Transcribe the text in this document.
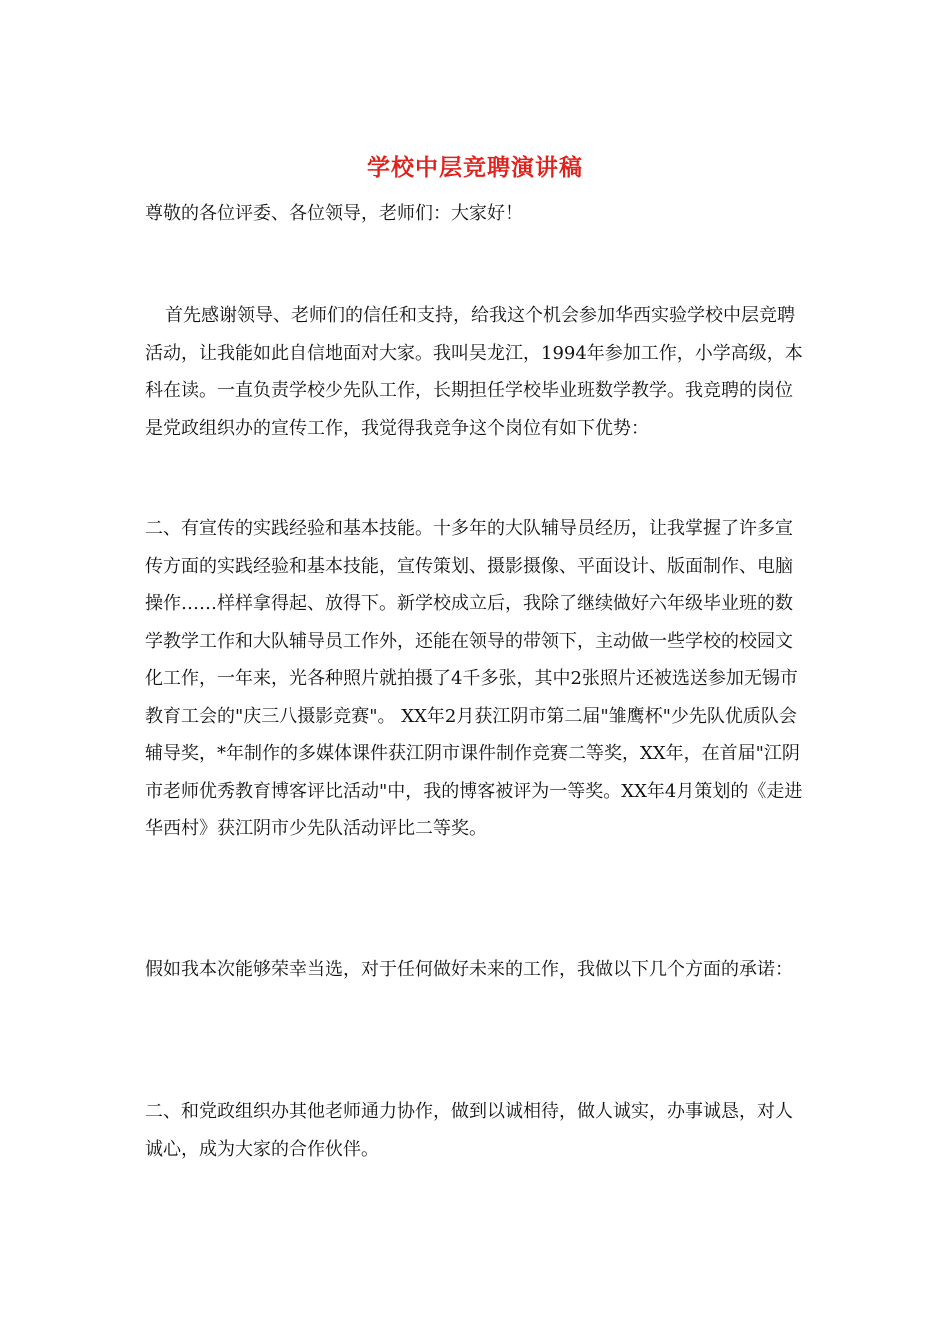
学校中层竞聘演讲稿

尊敬的各位评委、各位领导，老师们：大家好！

首先感谢领导、老师们的信任和支持，给我这个机会参加华西实验学校中层竞聘活动，让我能如此自信地面对大家。我叫吴龙江，1994年参加工作，小学高级，本科在读。一直负责学校少先队工作，长期担任学校毕业班数学教学。我竞聘的岗位是党政组织办的宣传工作，我觉得我竞争这个岗位有如下优势：

二、有宣传的实践经验和基本技能。十多年的大队辅导员经历，让我掌握了许多宣传方面的实践经验和基本技能，宣传策划、摄影摄像、平面设计、版面制作、电脑操作……样样拿得起、放得下。新学校成立后，我除了继续做好六年级毕业班的数学教学工作和大队辅导员工作外，还能在领导的带领下，主动做一些学校的校园文化工作，一年来，光各种照片就拍摄了4千多张，其中2张照片还被选送参加无锡市教育工会的"庆三八摄影竞赛"。 XX年2月获江阴市第二届"雏鹰杯"少先队优质队会辅导奖，*年制作的多媒体课件获江阴市课件制作竞赛二等奖，XX年，在首届"江阴市老师优秀教育博客评比活动"中，我的博客被评为一等奖。XX年4月策划的《走进华西村》获江阴市少先队活动评比二等奖。

假如我本次能够荣幸当选，对于任何做好未来的工作，我做以下几个方面的承诺：

二、和党政组织办其他老师通力协作，做到以诚相待，做人诚实，办事诚恳，对人诚心，成为大家的合作伙伴。
